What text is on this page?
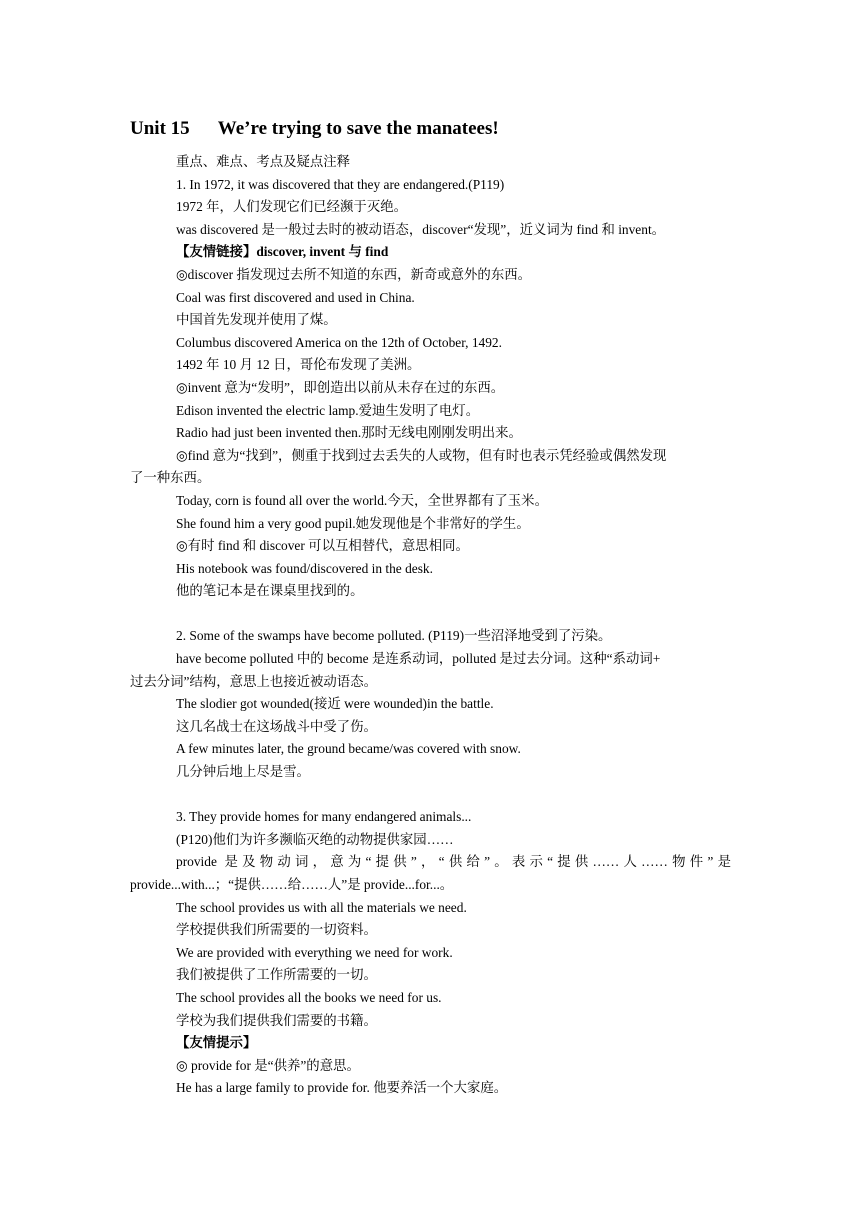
Unit 15      We’re trying to save the manatees!
重点、难点、考点及疑点注释
1. In 1972, it was discovered that they are endangered.(P119)
1972 年，人们发现它们已经濒于灭绝。
was discovered 是一般过去时的被动语态，discover“发现”，近义词为 find 和 invent。
【友情链接】discover, invent 与 find
◎discover 指发现过去所不知道的东西，新奇或意外的东西。
Coal was first discovered and used in China.
中国首先发现并使用了煤。
Columbus discovered America on the 12th of October, 1492.
1492 年 10 月 12 日，哥伦布发现了美洲。
◎invent 意为“发明”，即创造出以前从未存在过的东西。
Edison invented the electric lamp.爱迪生发明了电灯。
Radio had just been invented then.那时无线电刚刚发明出来。
◎find 意为“找到”，侧重于找到过去丢失的人或物，但有时也表示凭经验或偶然发现
了一种东西。
Today, corn is found all over the world.今天，全世界都有了玉米。
She found him a very good pupil.她发现他是个非常好的学生。
◎有时 find 和 discover 可以互相替代，意思相同。
His notebook was found/discovered in the desk.
他的笔记本是在课桌里找到的。
2. Some of the swamps have become polluted. (P119)一些沼泽地受到了污染。
have become polluted 中的 become 是连系动词，polluted 是过去分词。这种“系动词+
过去分词”结构，意思上也接近被动语态。
The slodier got wounded(接近 were wounded)in the battle.
这几名战士在这场战斗中受了伤。
A few minutes later, the ground became/was covered with snow.
几分钟后地上尽是雪。
3. They provide homes for many endangered animals...
(P120)他们为许多濒临灭绝的动物提供家园……
provide 是及物动词，意为“提供”，“供给”。表示“提供……人……物件”是
provide...with...；“提供……给……人”是 provide...for...。
The school provides us with all the materials we need.
学校提供我们所需要的一切资料。
We are provided with everything we need for work.
我们被提供了工作所需要的一切。
The school provides all the books we need for us.
学校为我们提供我们需要的书籍。
【友情提示】
◎ provide for 是“供养”的意思。
He has a large family to provide for. 他要养活一个大家庭。
